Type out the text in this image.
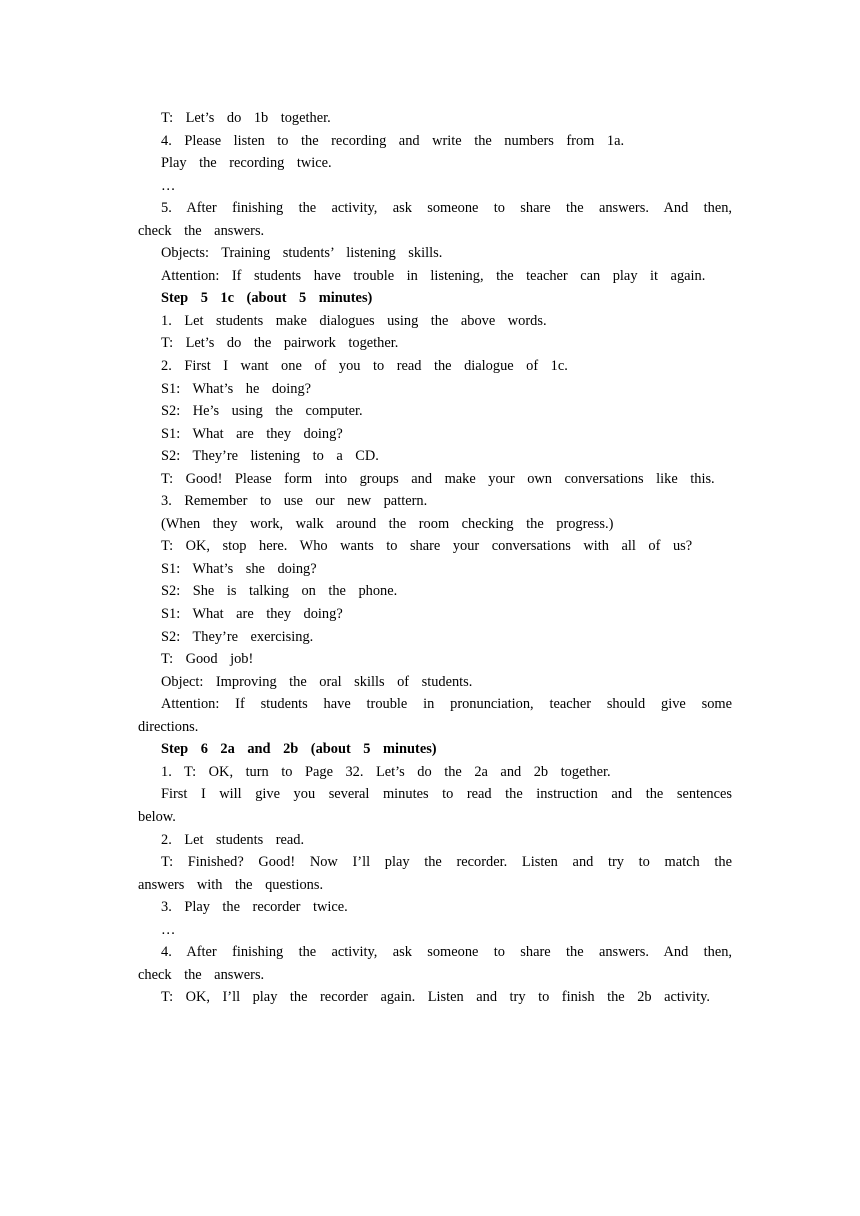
T: Let’s do 1b together.

4. Please listen to the recording and write the numbers from 1a.

Play the recording twice.

…

5. After finishing the activity, ask someone to share the answers. And then, check the answers.

Objects: Training students’ listening skills.

Attention: If students have trouble in listening, the teacher can play it again.

Step 5 1c (about 5 minutes)

1. Let students make dialogues using the above words.

T: Let’s do the pairwork together.

2. First I want one of you to read the dialogue of 1c.

S1: What’s he doing?

S2: He’s using the computer.

S1: What are they doing?

S2: They’re listening to a CD.

T: Good! Please form into groups and make your own conversations like this.

3. Remember to use our new pattern.

(When they work, walk around the room checking the progress.)

T: OK, stop here. Who wants to share your conversations with all of us?

S1: What’s she doing?

S2: She is talking on the phone.

S1: What are they doing?

S2: They’re exercising.

T: Good job!

Object: Improving the oral skills of students.

Attention: If students have trouble in pronunciation, teacher should give some directions.

Step 6 2a and 2b (about 5 minutes)

1. T: OK, turn to Page 32. Let’s do the 2a and 2b together.

First I will give you several minutes to read the instruction and the sentences below.

2. Let students read.

T: Finished? Good! Now I’ll play the recorder. Listen and try to match the answers with the questions.

3. Play the recorder twice.

…

4. After finishing the activity, ask someone to share the answers. And then, check the answers.

T: OK, I’ll play the recorder again. Listen and try to finish the 2b activity.
